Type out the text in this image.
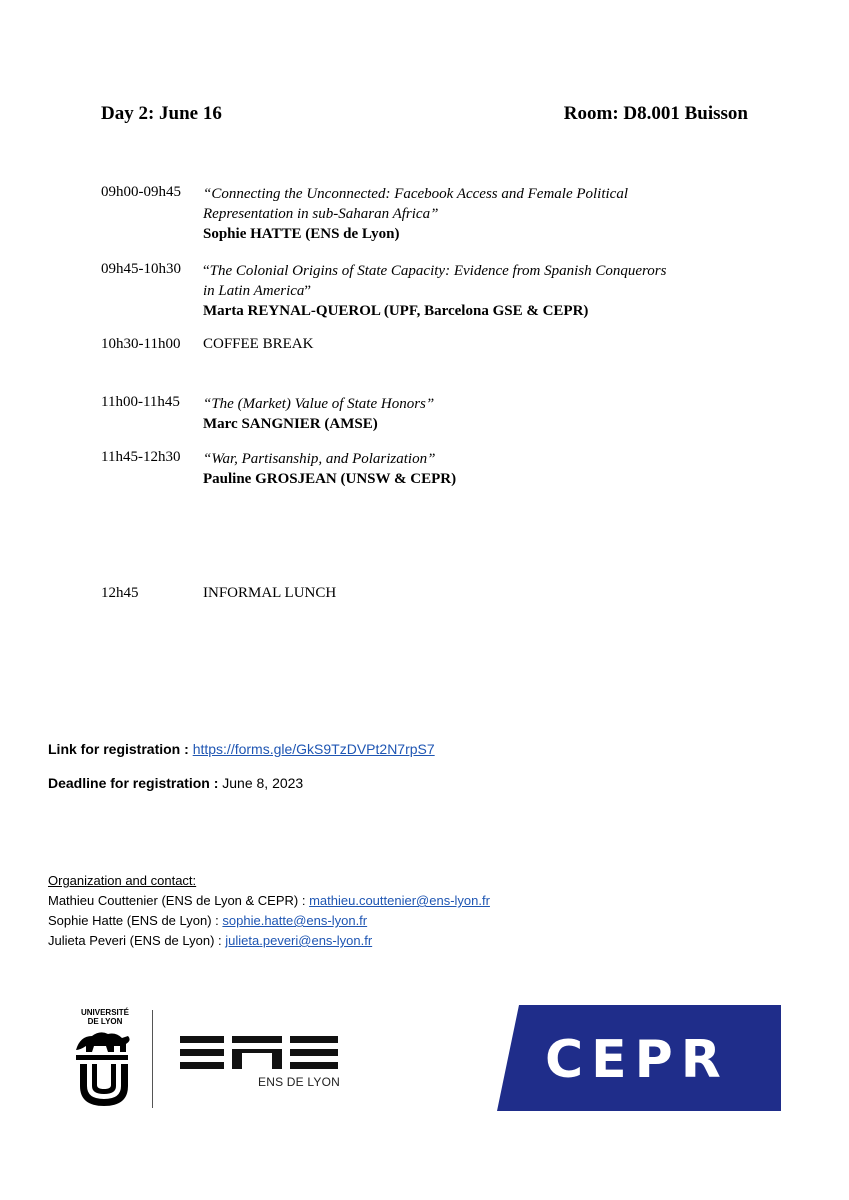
Day 2: June 16	Room: D8.001 Buisson
09h00-09h45 “Connecting the Unconnected: Facebook Access and Female Political
Representation in sub-Saharan Africa”
Sophie HATTE (ENS de Lyon)
09h45-10h30 “The Colonial Origins of State Capacity: Evidence from Spanish Conquerors
in Latin America”
Marta REYNAL-QUEROL (UPF, Barcelona GSE & CEPR)
10h30-11h00 COFFEE BREAK
11h00-11h45 “The (Market) Value of State Honors”
Marc SANGNIER (AMSE)
11h45-12h30 “War, Partisanship, and Polarization”
Pauline GROSJEAN (UNSW & CEPR)
12h45	INFORMAL LUNCH
Link for registration : https://forms.gle/GkS9TzDVPt2N7rpS7
Deadline for registration : June 8, 2023
Organization and contact:
Mathieu Couttenier (ENS de Lyon & CEPR) : mathieu.couttenier@ens-lyon.fr
Sophie Hatte (ENS de Lyon) : sophie.hatte@ens-lyon.fr
Julieta Peveri (ENS de Lyon) : julieta.peveri@ens-lyon.fr
UNIVERSITÉ
DE LYON
ENS DE LYON	CEPR
